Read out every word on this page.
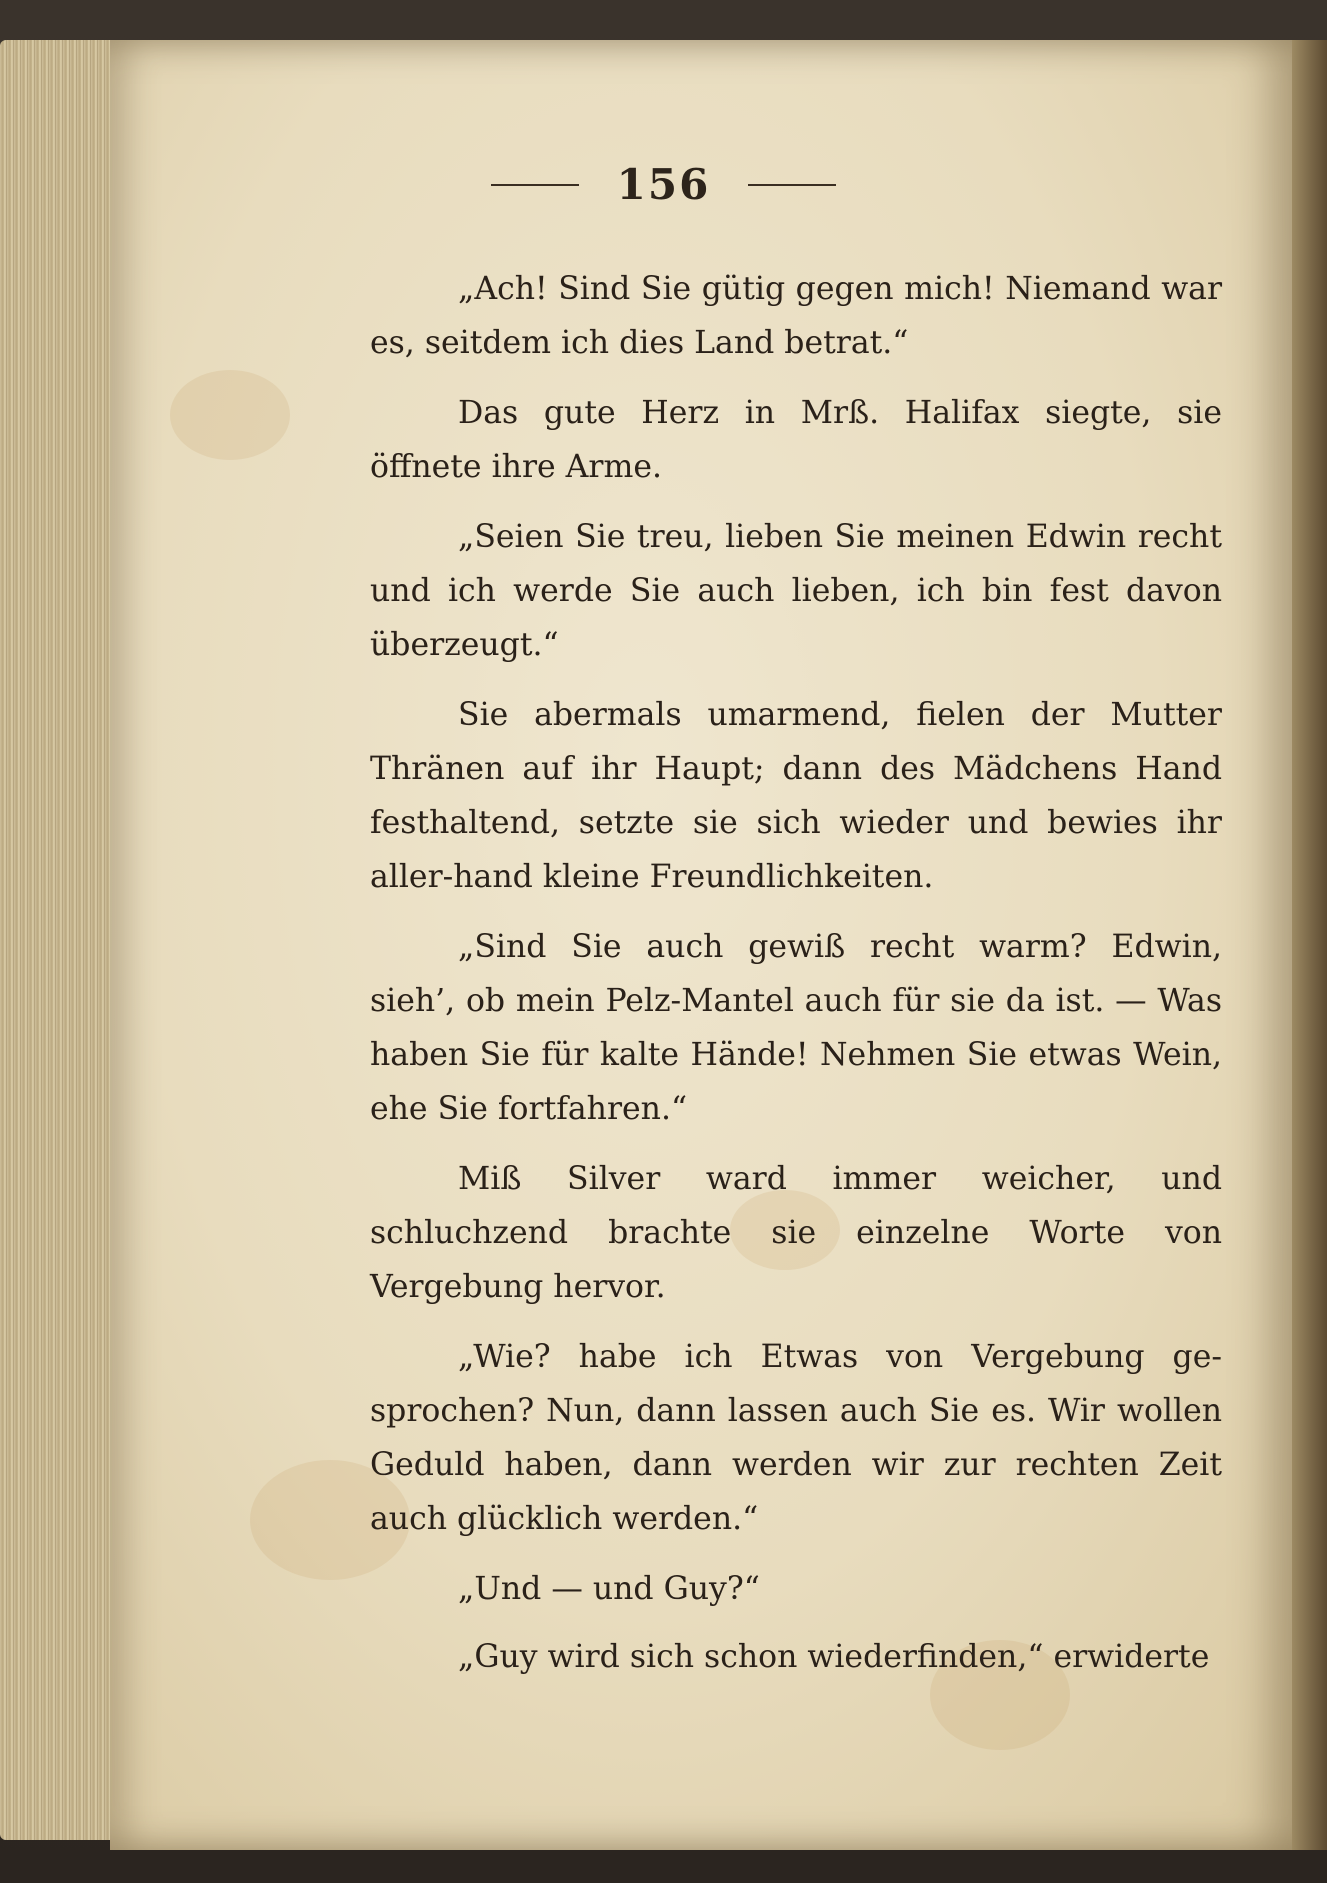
156

„Ach! Sind Sie gütig gegen mich! Niemand war es, seitdem ich dies Land betrat.“

Das gute Herz in Mrß. Halifax siegte, sie öffnete ihre Arme.

„Seien Sie treu, lieben Sie meinen Edwin recht und ich werde Sie auch lieben, ich bin fest davon überzeugt.“

Sie abermals umarmend, fielen der Mutter Thränen auf ihr Haupt; dann des Mädchens Hand festhaltend, setzte sie sich wieder und bewies ihr aller-hand kleine Freundlichkeiten.

„Sind Sie auch gewiß recht warm? Edwin, sieh’, ob mein Pelz-Mantel auch für sie da ist. — Was haben Sie für kalte Hände! Nehmen Sie etwas Wein, ehe Sie fortfahren.“

Miß Silver ward immer weicher, und schluchzend brachte sie einzelne Worte von Vergebung hervor.

„Wie? habe ich Etwas von Vergebung ge-sprochen? Nun, dann lassen auch Sie es. Wir wollen Geduld haben, dann werden wir zur rechten Zeit auch glücklich werden.“

„Und — und Guy?“

„Guy wird sich schon wiederfinden,“ erwiderte
